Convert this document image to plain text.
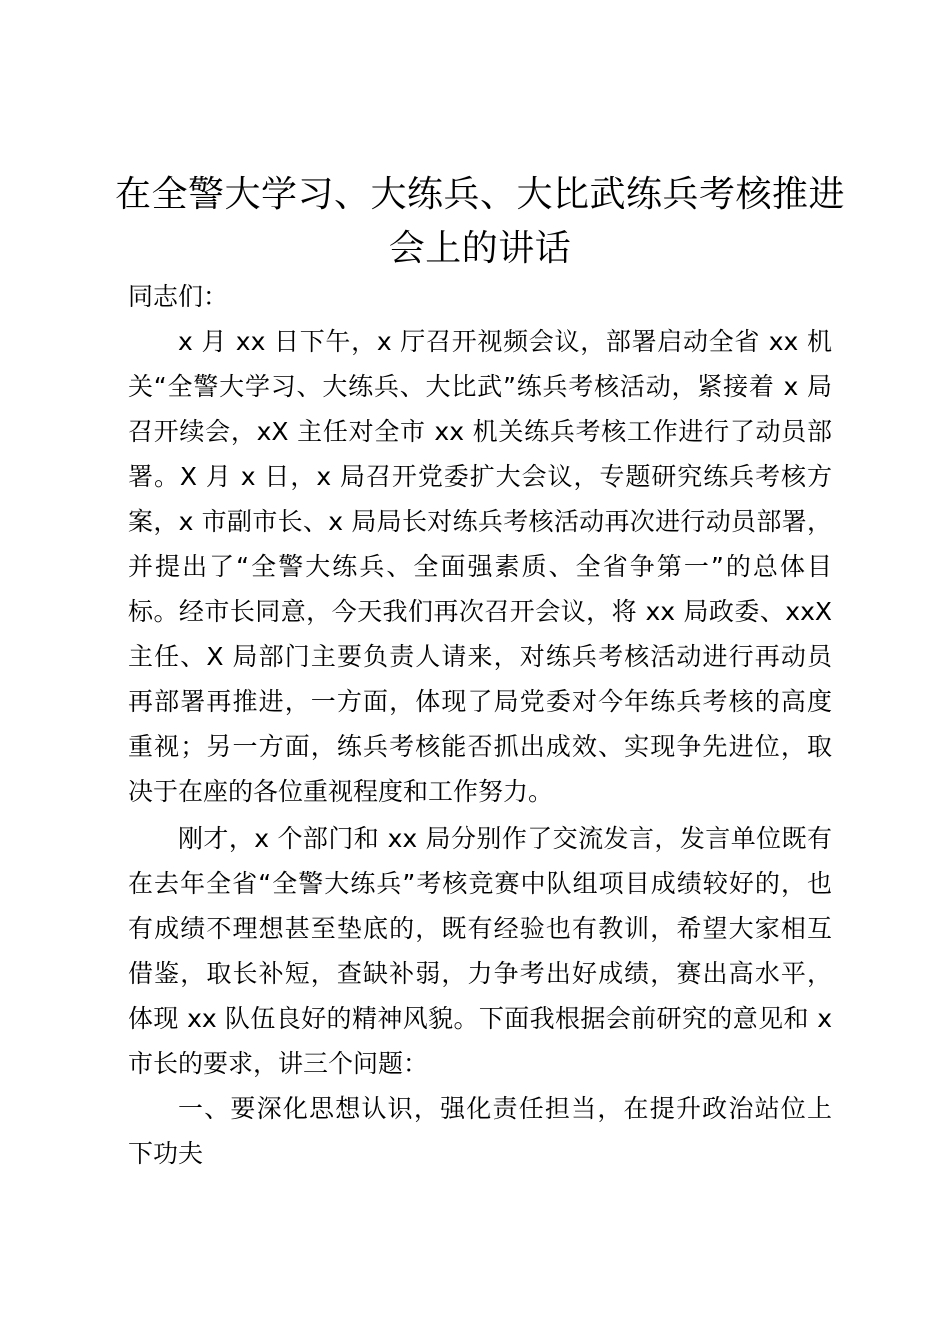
在全警大学习、大练兵、大比武练兵考核推进
会上的讲话
同志们：
x 月 xx 日下午，x 厅召开视频会议，部署启动全省 xx 机
关“全警大学习、大练兵、大比武”练兵考核活动，紧接着 x 局
召开续会，xX 主任对全市 xx 机关练兵考核工作进行了动员部
署。X 月 x 日，x 局召开党委扩大会议，专题研究练兵考核方
案，x 市副市长、x 局局长对练兵考核活动再次进行动员部署，
并提出了“全警大练兵、全面强素质、全省争第一”的总体目
标。经市长同意，今天我们再次召开会议，将 xx 局政委、xxX
主任、X 局部门主要负责人请来，对练兵考核活动进行再动员
再部署再推进，一方面，体现了局党委对今年练兵考核的高度
重视；另一方面，练兵考核能否抓出成效、实现争先进位，取
决于在座的各位重视程度和工作努力。
刚才，x 个部门和 xx 局分别作了交流发言，发言单位既有
在去年全省“全警大练兵”考核竞赛中队组项目成绩较好的，也
有成绩不理想甚至垫底的，既有经验也有教训，希望大家相互
借鉴，取长补短，查缺补弱，力争考出好成绩，赛出高水平，
体现 xx 队伍良好的精神风貌。下面我根据会前研究的意见和 x
市长的要求，讲三个问题：
一、要深化思想认识，强化责任担当，在提升政治站位上
下功夫
